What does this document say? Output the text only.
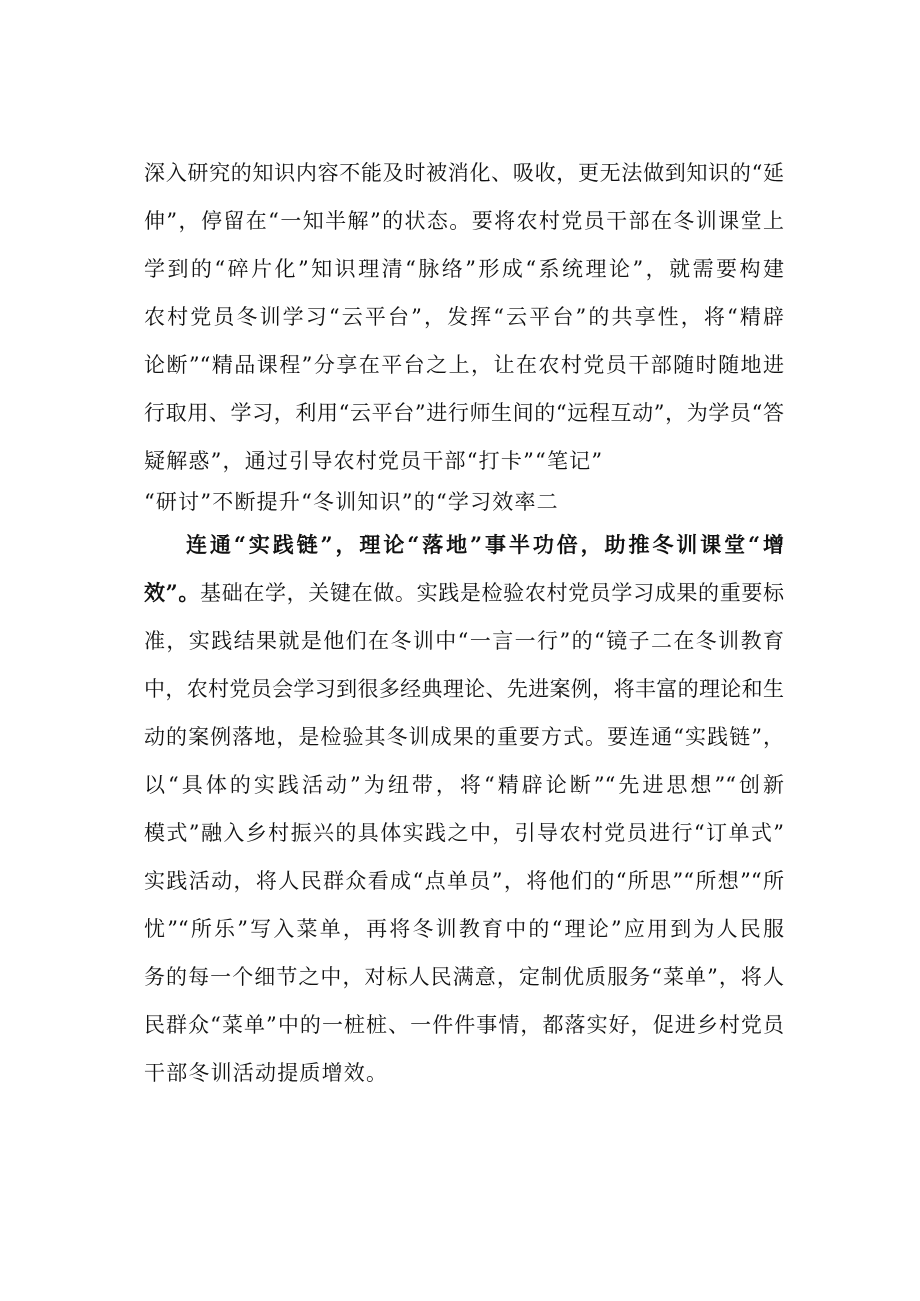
深入研究的知识内容不能及时被消化、吸收，更无法做到知识的“延
伸”，停留在“一知半解”的状态。要将农村党员干部在冬训课堂上
学到的“碎片化”知识理清“脉络”形成“系统理论”，就需要构建
农村党员冬训学习“云平台”，发挥“云平台”的共享性，将“精辟
论断”“精品课程”分享在平台之上，让在农村党员干部随时随地进
行取用、学习，利用“云平台”进行师生间的“远程互动”，为学员“答
疑解惑”，通过引导农村党员干部“打卡”“笔记”
“研讨”不断提升“冬训知识”的“学习效率二
连通“实践链”，理论“落地”事半功倍，助推冬训课堂“增
效”。基础在学，关键在做。实践是检验农村党员学习成果的重要标
准，实践结果就是他们在冬训中“一言一行”的“镜子二在冬训教育
中，农村党员会学习到很多经典理论、先进案例，将丰富的理论和生
动的案例落地，是检验其冬训成果的重要方式。要连通“实践链”，
以“具体的实践活动”为纽带，将“精辟论断”“先进思想”“创新
模式”融入乡村振兴的具体实践之中，引导农村党员进行“订单式”
实践活动，将人民群众看成“点单员”，将他们的“所思”“所想”“所
忧”“所乐”写入菜单，再将冬训教育中的“理论”应用到为人民服
务的每一个细节之中，对标人民满意，定制优质服务“菜单”，将人
民群众“菜单”中的一桩桩、一件件事情，都落实好，促进乡村党员
干部冬训活动提质增效。
